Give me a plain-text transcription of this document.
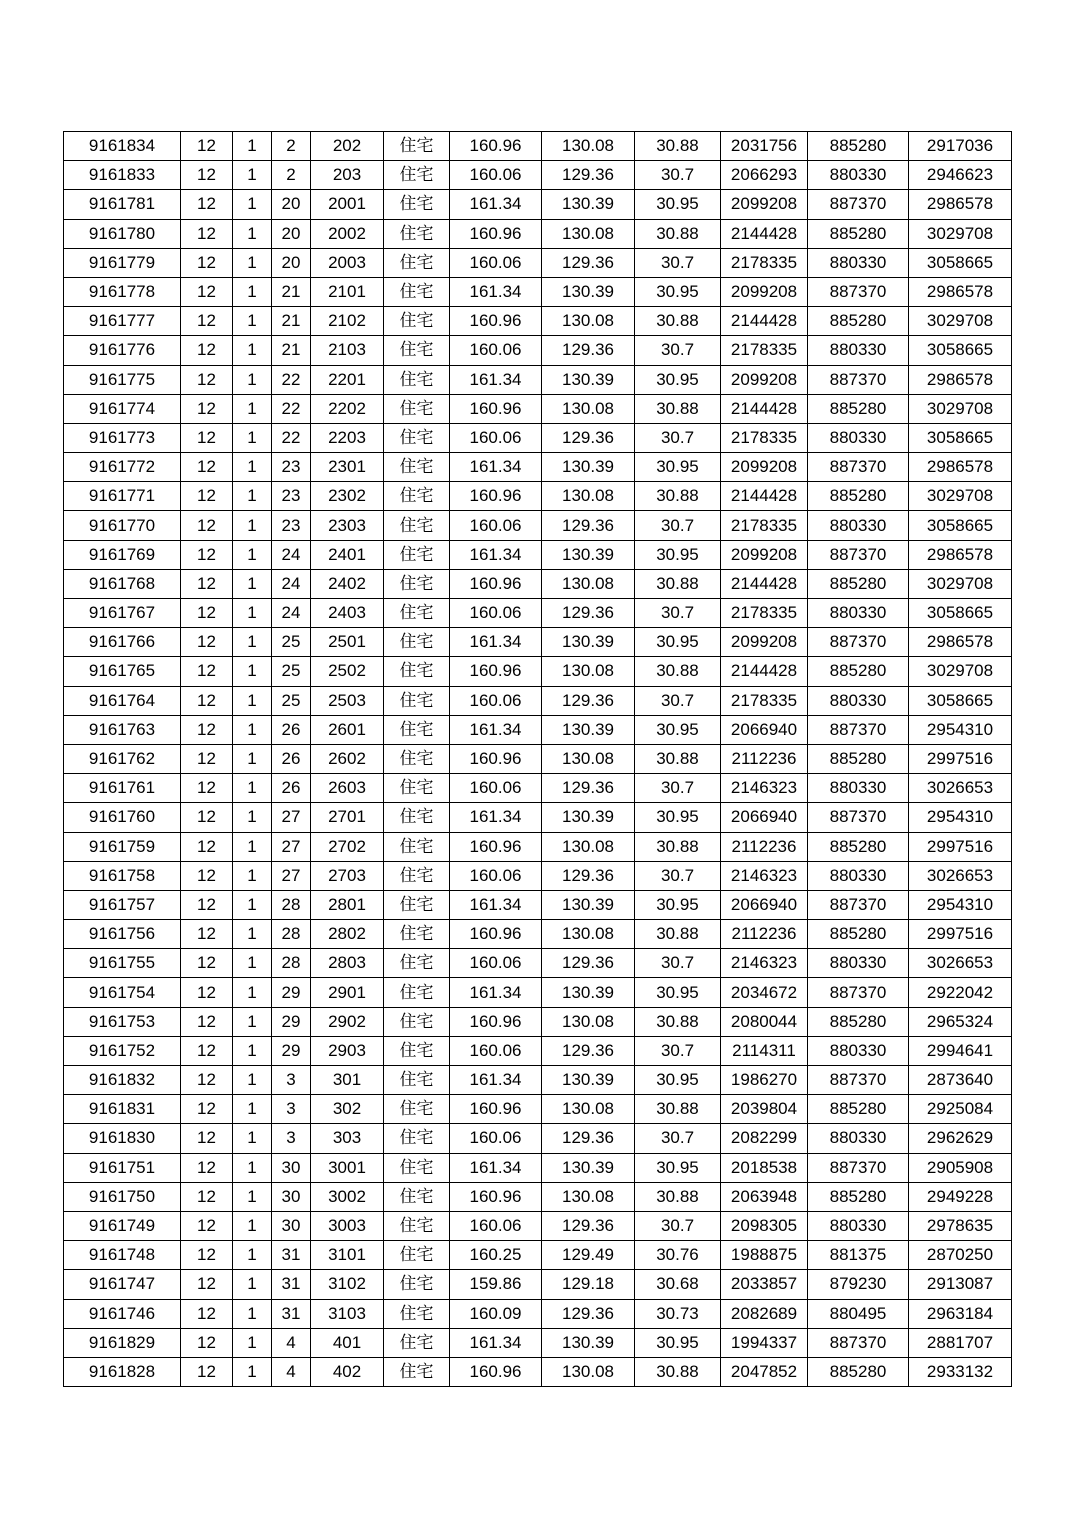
9161834	12	1	2	202	住宅	160.96	130.08	30.88	2031756	885280	2917036
9161833	12	1	2	203	住宅	160.06	129.36	30.7	2066293	880330	2946623
9161781	12	1	20	2001	住宅	161.34	130.39	30.95	2099208	887370	2986578
9161780	12	1	20	2002	住宅	160.96	130.08	30.88	2144428	885280	3029708
9161779	12	1	20	2003	住宅	160.06	129.36	30.7	2178335	880330	3058665
9161778	12	1	21	2101	住宅	161.34	130.39	30.95	2099208	887370	2986578
9161777	12	1	21	2102	住宅	160.96	130.08	30.88	2144428	885280	3029708
9161776	12	1	21	2103	住宅	160.06	129.36	30.7	2178335	880330	3058665
9161775	12	1	22	2201	住宅	161.34	130.39	30.95	2099208	887370	2986578
9161774	12	1	22	2202	住宅	160.96	130.08	30.88	2144428	885280	3029708
9161773	12	1	22	2203	住宅	160.06	129.36	30.7	2178335	880330	3058665
9161772	12	1	23	2301	住宅	161.34	130.39	30.95	2099208	887370	2986578
9161771	12	1	23	2302	住宅	160.96	130.08	30.88	2144428	885280	3029708
9161770	12	1	23	2303	住宅	160.06	129.36	30.7	2178335	880330	3058665
9161769	12	1	24	2401	住宅	161.34	130.39	30.95	2099208	887370	2986578
9161768	12	1	24	2402	住宅	160.96	130.08	30.88	2144428	885280	3029708
9161767	12	1	24	2403	住宅	160.06	129.36	30.7	2178335	880330	3058665
9161766	12	1	25	2501	住宅	161.34	130.39	30.95	2099208	887370	2986578
9161765	12	1	25	2502	住宅	160.96	130.08	30.88	2144428	885280	3029708
9161764	12	1	25	2503	住宅	160.06	129.36	30.7	2178335	880330	3058665
9161763	12	1	26	2601	住宅	161.34	130.39	30.95	2066940	887370	2954310
9161762	12	1	26	2602	住宅	160.96	130.08	30.88	2112236	885280	2997516
9161761	12	1	26	2603	住宅	160.06	129.36	30.7	2146323	880330	3026653
9161760	12	1	27	2701	住宅	161.34	130.39	30.95	2066940	887370	2954310
9161759	12	1	27	2702	住宅	160.96	130.08	30.88	2112236	885280	2997516
9161758	12	1	27	2703	住宅	160.06	129.36	30.7	2146323	880330	3026653
9161757	12	1	28	2801	住宅	161.34	130.39	30.95	2066940	887370	2954310
9161756	12	1	28	2802	住宅	160.96	130.08	30.88	2112236	885280	2997516
9161755	12	1	28	2803	住宅	160.06	129.36	30.7	2146323	880330	3026653
9161754	12	1	29	2901	住宅	161.34	130.39	30.95	2034672	887370	2922042
9161753	12	1	29	2902	住宅	160.96	130.08	30.88	2080044	885280	2965324
9161752	12	1	29	2903	住宅	160.06	129.36	30.7	2114311	880330	2994641
9161832	12	1	3	301	住宅	161.34	130.39	30.95	1986270	887370	2873640
9161831	12	1	3	302	住宅	160.96	130.08	30.88	2039804	885280	2925084
9161830	12	1	3	303	住宅	160.06	129.36	30.7	2082299	880330	2962629
9161751	12	1	30	3001	住宅	161.34	130.39	30.95	2018538	887370	2905908
9161750	12	1	30	3002	住宅	160.96	130.08	30.88	2063948	885280	2949228
9161749	12	1	30	3003	住宅	160.06	129.36	30.7	2098305	880330	2978635
9161748	12	1	31	3101	住宅	160.25	129.49	30.76	1988875	881375	2870250
9161747	12	1	31	3102	住宅	159.86	129.18	30.68	2033857	879230	2913087
9161746	12	1	31	3103	住宅	160.09	129.36	30.73	2082689	880495	2963184
9161829	12	1	4	401	住宅	161.34	130.39	30.95	1994337	887370	2881707
9161828	12	1	4	402	住宅	160.96	130.08	30.88	2047852	885280	2933132
